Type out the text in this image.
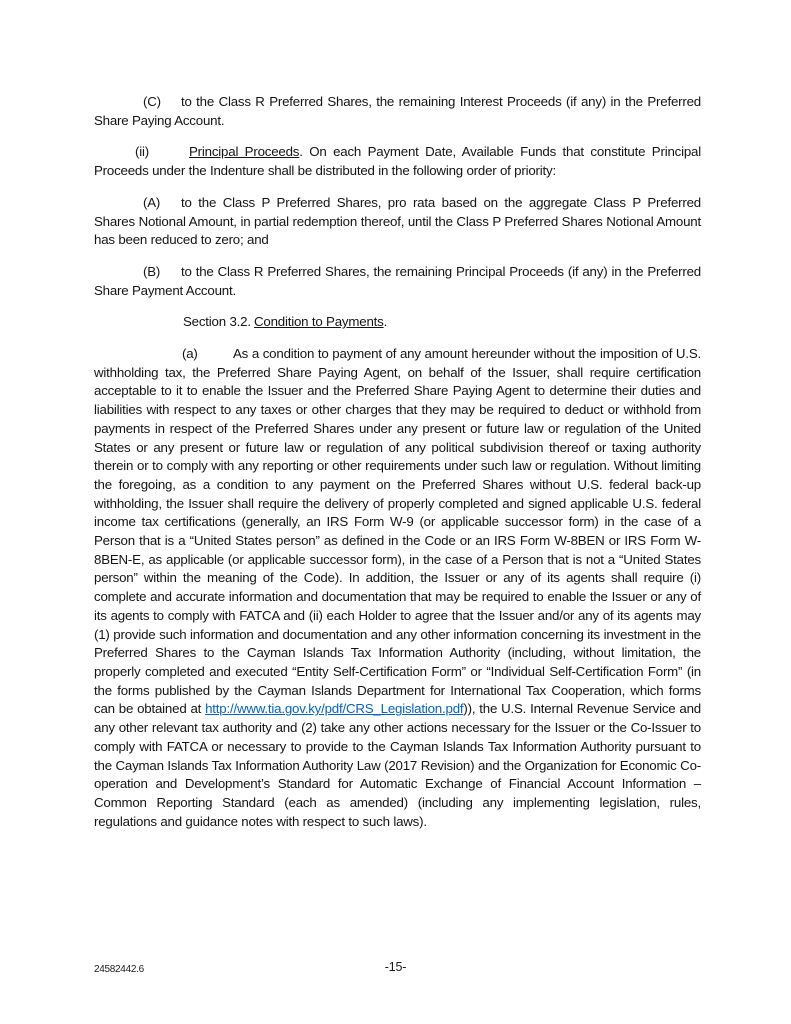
(C) to the Class R Preferred Shares, the remaining Interest Proceeds (if any) in the Preferred Share Paying Account.

(ii)	Principal Proceeds. On each Payment Date, Available Funds that constitute Principal Proceeds under the Indenture shall be distributed in the following order of priority:

(A) to the Class P Preferred Shares, pro rata based on the aggregate Class P Preferred Shares Notional Amount, in partial redemption thereof, until the Class P Preferred Shares Notional Amount has been reduced to zero; and

(B) to the Class R Preferred Shares, the remaining Principal Proceeds (if any) in the Preferred Share Payment Account.

Section 3.2. Condition to Payments.

(a)	As a condition to payment of any amount hereunder without the imposition of U.S. withholding tax, the Preferred Share Paying Agent, on behalf of the Issuer, shall require certification acceptable to it to enable the Issuer and the Preferred Share Paying Agent to determine their duties and liabilities with respect to any taxes or other charges that they may be required to deduct or withhold from payments in respect of the Preferred Shares under any present or future law or regulation of the United States or any present or future law or regulation of any political subdivision thereof or taxing authority therein or to comply with any reporting or other requirements under such law or regulation. Without limiting the foregoing, as a condition to any payment on the Preferred Shares without U.S. federal back-up withholding, the Issuer shall require the delivery of properly completed and signed applicable U.S. federal income tax certifications (generally, an IRS Form W-9 (or applicable successor form) in the case of a Person that is a “United States person” as defined in the Code or an IRS Form W-8BEN or IRS Form W-8BEN-E, as applicable (or applicable successor form), in the case of a Person that is not a “United States person” within the meaning of the Code). In addition, the Issuer or any of its agents shall require (i) complete and accurate information and documentation that may be required to enable the Issuer or any of its agents to comply with FATCA and (ii) each Holder to agree that the Issuer and/or any of its agents may (1) provide such information and documentation and any other information concerning its investment in the Preferred Shares to the Cayman Islands Tax Information Authority (including, without limitation, the properly completed and executed “Entity Self-Certification Form” or “Individual Self-Certification Form” (in the forms published by the Cayman Islands Department for International Tax Cooperation, which forms can be obtained at http://www.tia.gov.ky/pdf/CRS_Legislation.pdf)), the U.S. Internal Revenue Service and any other relevant tax authority and (2) take any other actions necessary for the Issuer or the Co-Issuer to comply with FATCA or necessary to provide to the Cayman Islands Tax Information Authority pursuant to the Cayman Islands Tax Information Authority Law (2017 Revision) and the Organization for Economic Co-operation and Development’s Standard for Automatic Exchange of Financial Account Information – Common Reporting Standard (each as amended) (including any implementing legislation, rules, regulations and guidance notes with respect to such laws).

24582442.6	-15-
